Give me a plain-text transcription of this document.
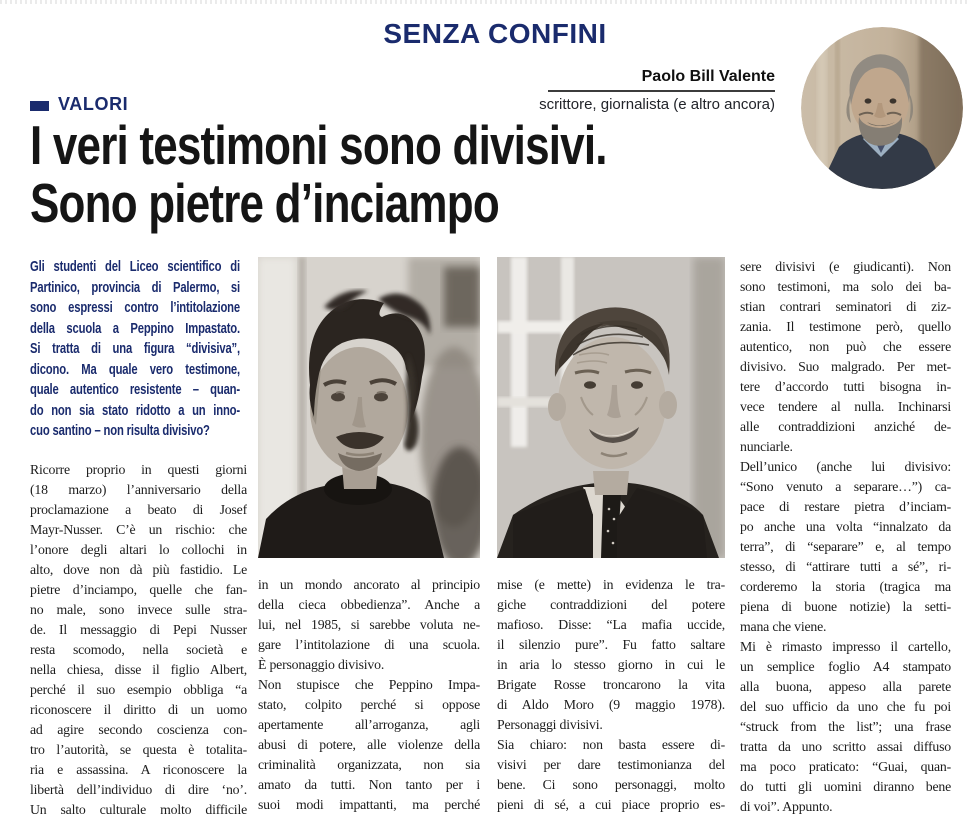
SENZA CONFINI
Paolo Bill Valente
scrittore, giornalista (e altro ancora)
VALORI
I veri testimoni sono divisivi.
Sono pietre d’inciampo
Gli studenti del Liceo scientifico di
Partinico, provincia di Palermo, si
sono espressi contro l’intitolazione
della scuola a Peppino Impastato.
Si tratta di una figura “divisiva”,
dicono. Ma quale vero testimone,
quale autentico resistente – quan-
do non sia stato ridotto a un inno-
cuo santino – non risulta divisivo?
Ricorre proprio in questi giorni
(18 marzo) l’anniversario della
proclamazione a beato di Josef
Mayr-Nusser. C’è un rischio: che
l’onore degli altari lo collochi in
alto, dove non dà più fastidio. Le
pietre d’inciampo, quelle che fan-
no male, sono invece sulle stra-
de. Il messaggio di Pepi Nusser
resta scomodo, nella società e
nella chiesa, disse il figlio Albert,
perché il suo esempio obbliga “a
riconoscere il diritto di un uomo
ad agire secondo coscienza con-
tro l’autorità, se questa è totalita-
ria e assassina. A riconoscere la
libertà dell’individuo di dire ‘no’.
Un salto culturale molto difficile
in un mondo ancorato al principio
della cieca obbedienza”. Anche a
lui, nel 1985, si sarebbe voluta ne-
gare l’intitolazione di una scuola.
È personaggio divisivo.
Non stupisce che Peppino Impa-
stato, colpito perché si oppose
apertamente all’arroganza, agli
abusi di potere, alle violenze della
criminalità organizzata, non sia
amato da tutti. Non tanto per i
suoi modi impattanti, ma perché
mise (e mette) in evidenza le tra-
giche contraddizioni del potere
mafioso. Disse: “La mafia uccide,
il silenzio pure”. Fu fatto saltare
in aria lo stesso giorno in cui le
Brigate Rosse troncarono la vita
di Aldo Moro (9 maggio 1978).
Personaggi divisivi.
Sia chiaro: non basta essere di-
visivi per dare testimonianza del
bene. Ci sono personaggi, molto
pieni di sé, a cui piace proprio es-
sere divisivi (e giudicanti). Non
sono testimoni, ma solo dei ba-
stian contrari seminatori di ziz-
zania. Il testimone però, quello
autentico, non può che essere
divisivo. Suo malgrado. Per met-
tere d’accordo tutti bisogna in-
vece tendere al nulla. Inchinarsi
alle contraddizioni anziché de-
nunciarle.
Dell’unico (anche lui divisivo:
“Sono venuto a separare…”) ca-
pace di restare pietra d’inciam-
po anche una volta “innalzato da
terra”, di “separare” e, al tempo
stesso, di “attirare tutti a sé”, ri-
corderemo la storia (tragica ma
piena di buone notizie) la setti-
mana che viene.
Mi è rimasto impresso il cartello,
un semplice foglio A4 stampato
alla buona, appeso alla parete
del suo ufficio da uno che fu poi
“struck from the list”; una frase
tratta da uno scritto assai diffuso
ma poco praticato: “Guai, quan-
do tutti gli uomini diranno bene
di voi”. Appunto.
